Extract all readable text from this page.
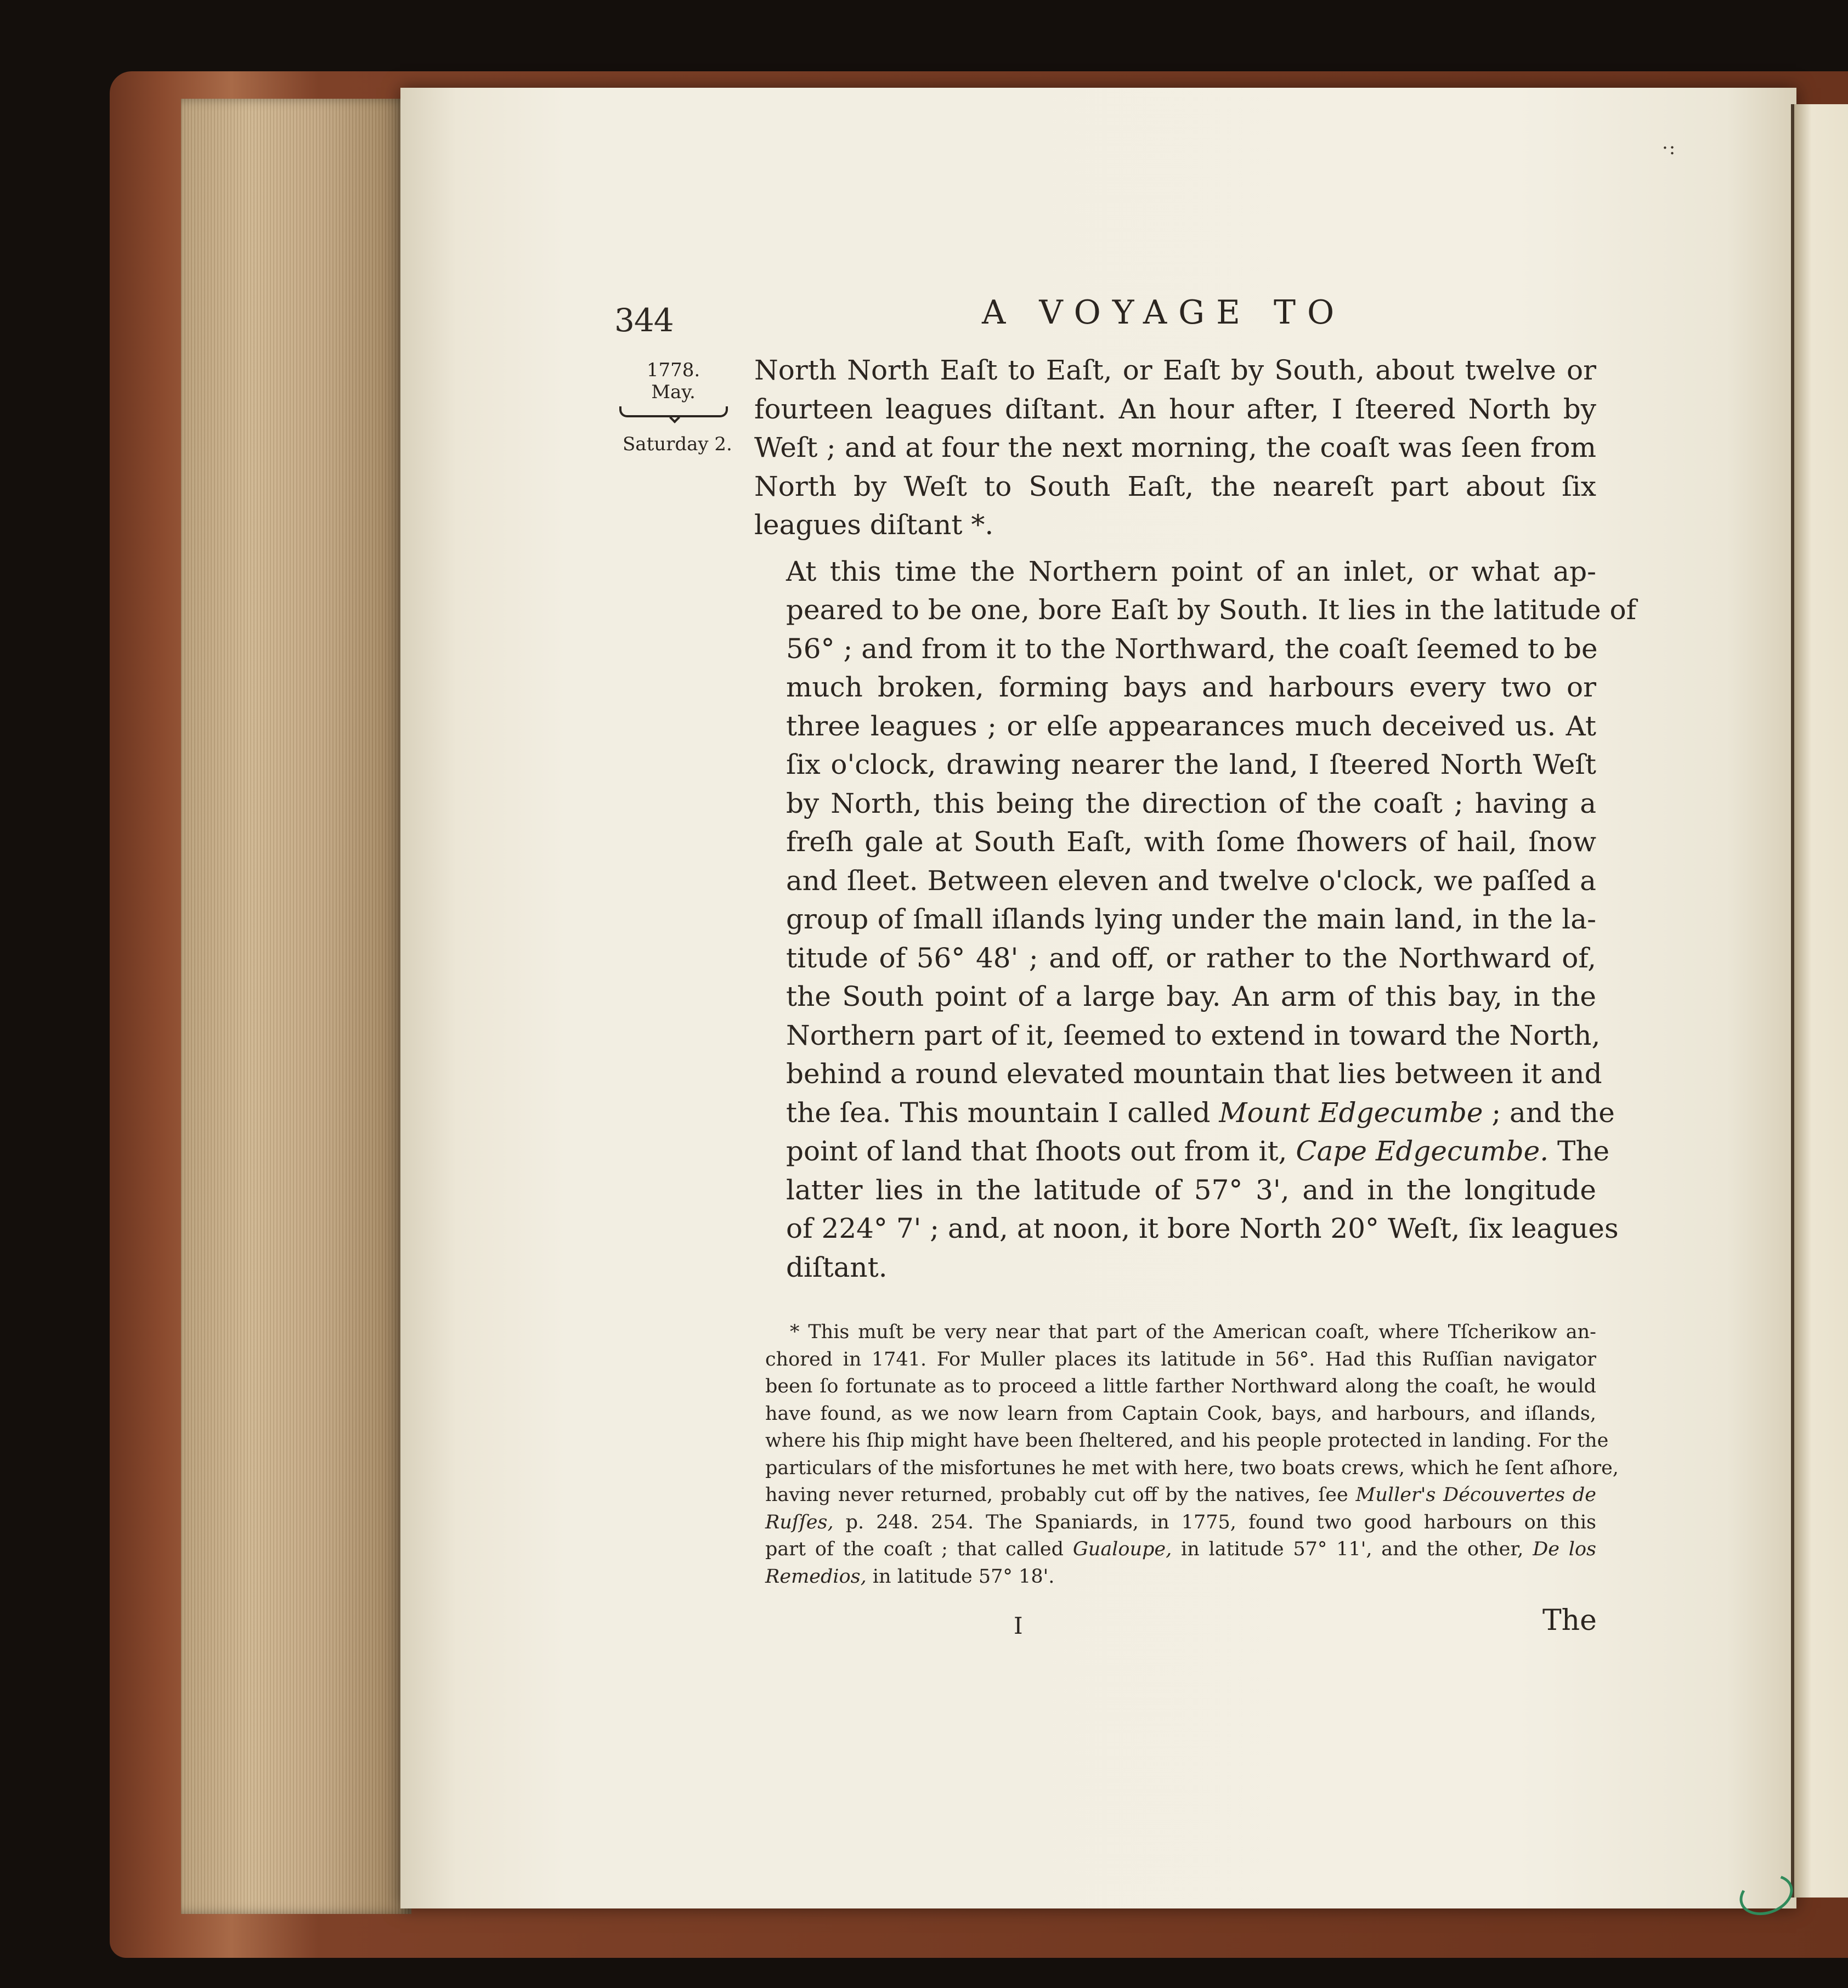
·:
344	A VOYAGE TO
1778.
May.
Saturday 2.

North North Eaſt to Eaſt, or Eaſt by South, about twelve or
fourteen leagues diſtant. An hour after, I ſteered North by
Weſt ; and at four the next morning, the coaſt was ſeen from
North by Weſt to South Eaſt, the neareſt part about ſix
leagues diſtant *.

At this time the Northern point of an inlet, or what ap-
peared to be one, bore Eaſt by South. It lies in the latitude of
56° ; and from it to the Northward, the coaſt ſeemed to be
much broken, forming bays and harbours every two or
three leagues ; or elſe appearances much deceived us. At
ſix o'clock, drawing nearer the land, I ſteered North Weſt
by North, this being the direction of the coaſt ; having a
freſh gale at South Eaſt, with ſome ſhowers of hail, ſnow
and ſleet. Between eleven and twelve o'clock, we paſſed a
group of ſmall iſlands lying under the main land, in the la-
titude of 56° 48' ; and off, or rather to the Northward of,
the South point of a large bay. An arm of this bay, in the
Northern part of it, ſeemed to extend in toward the North,
behind a round elevated mountain that lies between it and
the ſea. This mountain I called Mount Edgecumbe ; and the
point of land that ſhoots out from it, Cape Edgecumbe. The
latter lies in the latitude of 57° 3', and in the longitude
of 224° 7' ; and, at noon, it bore North 20° Weſt, ſix leagues
diſtant.

* This muſt be very near that part of the American coaſt, where Tſcherikow an-
chored in 1741. For Muller places its latitude in 56°. Had this Ruſſian navigator
been ſo fortunate as to proceed a little farther Northward along the coaſt, he would
have found, as we now learn from Captain Cook, bays, and harbours, and iſlands,
where his ſhip might have been ſheltered, and his people protected in landing. For the
particulars of the misfortunes he met with here, two boats crews, which he ſent aſhore,
having never returned, probably cut off by the natives, ſee Muller's Découvertes de
Ruſſes, p. 248. 254. The Spaniards, in 1775, found two good harbours on this
part of the coaſt ; that called Gualoupe, in latitude 57° 11', and the other, De los
Remedios, in latitude 57° 18'.
I	The
